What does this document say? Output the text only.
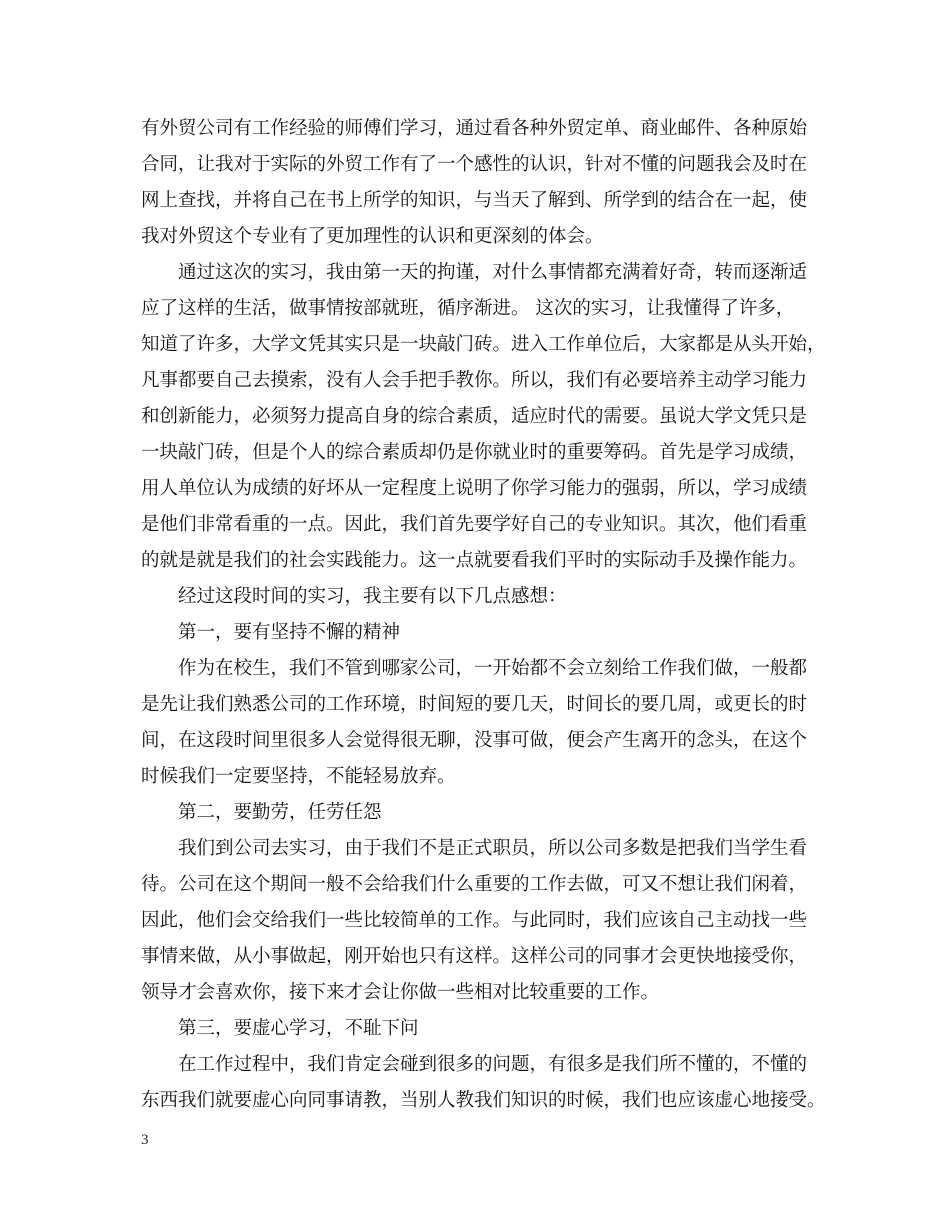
有外贸公司有工作经验的师傅们学习，通过看各种外贸定单、商业邮件、各种原始
合同，让我对于实际的外贸工作有了一个感性的认识，针对不懂的问题我会及时在
网上查找，并将自己在书上所学的知识，与当天了解到、所学到的结合在一起，使
我对外贸这个专业有了更加理性的认识和更深刻的体会。
通过这次的实习，我由第一天的拘谨，对什么事情都充满着好奇，转而逐渐适
应了这样的生活，做事情按部就班，循序渐进。 这次的实习，让我懂得了许多，
知道了许多，大学文凭其实只是一块敲门砖。进入工作单位后，大家都是从头开始，
凡事都要自己去摸索，没有人会手把手教你。所以，我们有必要培养主动学习能力
和创新能力，必须努力提高自身的综合素质，适应时代的需要。虽说大学文凭只是
一块敲门砖，但是个人的综合素质却仍是你就业时的重要筹码。首先是学习成绩，
用人单位认为成绩的好坏从一定程度上说明了你学习能力的强弱，所以，学习成绩
是他们非常看重的一点。因此，我们首先要学好自己的专业知识。其次，他们看重
的就是就是我们的社会实践能力。这一点就要看我们平时的实际动手及操作能力。
经过这段时间的实习，我主要有以下几点感想：
第一，要有坚持不懈的精神
作为在校生，我们不管到哪家公司，一开始都不会立刻给工作我们做，一般都
是先让我们熟悉公司的工作环境，时间短的要几天，时间长的要几周，或更长的时
间，在这段时间里很多人会觉得很无聊，没事可做，便会产生离开的念头，在这个
时候我们一定要坚持，不能轻易放弃。
第二，要勤劳，任劳任怨
我们到公司去实习，由于我们不是正式职员，所以公司多数是把我们当学生看
待。公司在这个期间一般不会给我们什么重要的工作去做，可又不想让我们闲着，
因此，他们会交给我们一些比较简单的工作。与此同时，我们应该自己主动找一些
事情来做，从小事做起，刚开始也只有这样。这样公司的同事才会更快地接受你，
领导才会喜欢你，接下来才会让你做一些相对比较重要的工作。
第三，要虚心学习，不耻下问
在工作过程中，我们肯定会碰到很多的问题，有很多是我们所不懂的，不懂的
东西我们就要虚心向同事请教，当别人教我们知识的时候，我们也应该虚心地接受。
3
